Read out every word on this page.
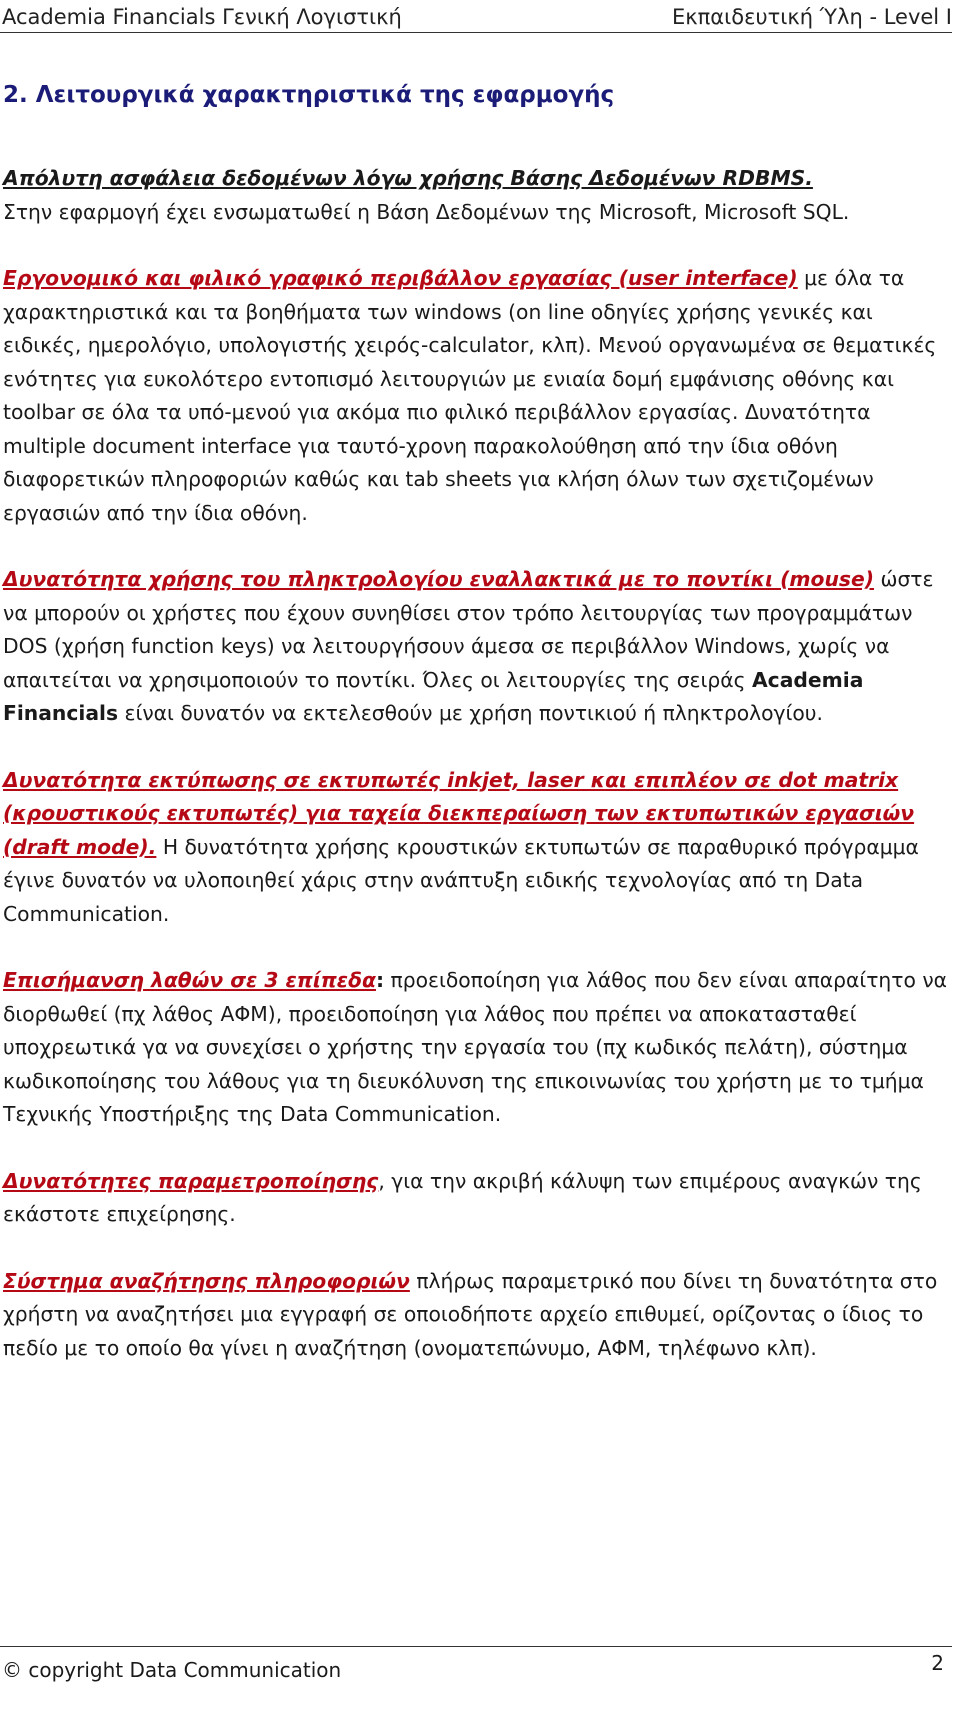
Academia Financials Γενική Λογιστική	Εκπαιδευτική Ύλη - Level I
2. Λειτουργικά χαρακτηριστικά της εφαρμογής

Απόλυτη ασφάλεια δεδομένων λόγω χρήσης Βάσης Δεδομένων RDBMS.
Στην εφαρμογή έχει ενσωματωθεί η Βάση Δεδομένων της Microsoft, Microsoft SQL.

Εργονομικό και φιλικό γραφικό περιβάλλον εργασίας (user interface) με όλα τα χαρακτηριστικά και τα βοηθήματα των windows (on line οδηγίες χρήσης γενικές και ειδικές, ημερολόγιο, υπολογιστής χειρός-calculator, κλπ). Μενού οργανωμένα σε θεματικές ενότητες για ευκολότερο εντοπισμό λειτουργιών με ενιαία δομή εμφάνισης οθόνης και toolbar σε όλα τα υπό-μενού για ακόμα πιο φιλικό περιβάλλον εργασίας. Δυνατότητα multiple document interface για ταυτό-χρονη παρακολούθηση από την ίδια οθόνη διαφορετικών πληροφοριών καθώς και tab sheets για κλήση όλων των σχετιζομένων εργασιών από την ίδια οθόνη.

Δυνατότητα χρήσης του πληκτρολογίου εναλλακτικά με το ποντίκι (mouse) ώστε να μπορούν οι χρήστες που έχουν συνηθίσει στον τρόπο λειτουργίας των προγραμμάτων DOS (χρήση function keys) να λειτουργήσουν άμεσα σε περιβάλλον Windows, χωρίς να απαιτείται να χρησιμοποιούν το ποντίκι. Όλες οι λειτουργίες της σειράς Academia Financials είναι δυνατόν να εκτελεσθούν με χρήση ποντικιού ή πληκτρολογίου.

Δυνατότητα εκτύπωσης σε εκτυπωτές inkjet, laser και επιπλέον σε dot matrix (κρουστικούς εκτυπωτές) για ταχεία διεκπεραίωση των εκτυπωτικών εργασιών (draft mode). Η δυνατότητα χρήσης κρουστικών εκτυπωτών σε παραθυρικό πρόγραμμα έγινε δυνατόν να υλοποιηθεί χάρις στην ανάπτυξη ειδικής τεχνολογίας από τη Data Communication.

Επισήμανση λαθών σε 3 επίπεδα: προειδοποίηση για λάθος που δεν είναι απαραίτητο να διορθωθεί (πχ λάθος ΑΦΜ), προειδοποίηση για λάθος που πρέπει να αποκατασταθεί υποχρεωτικά γα να συνεχίσει ο χρήστης την εργασία του (πχ κωδικός πελάτη), σύστημα κωδικοποίησης του λάθους για τη διευκόλυνση της επικοινωνίας του χρήστη με το τμήμα Τεχνικής Υποστήριξης της Data Communication.

Δυνατότητες παραμετροποίησης, για την ακριβή κάλυψη των επιμέρους αναγκών της εκάστοτε επιχείρησης.

Σύστημα αναζήτησης πληροφοριών πλήρως παραμετρικό που δίνει τη δυνατότητα στο χρήστη να αναζητήσει μια εγγραφή σε οποιοδήποτε αρχείο επιθυμεί, ορίζοντας ο ίδιος το πεδίο με το οποίο θα γίνει η αναζήτηση (ονοματεπώνυμο, ΑΦΜ, τηλέφωνο κλπ).

© copyright Data Communication	2
